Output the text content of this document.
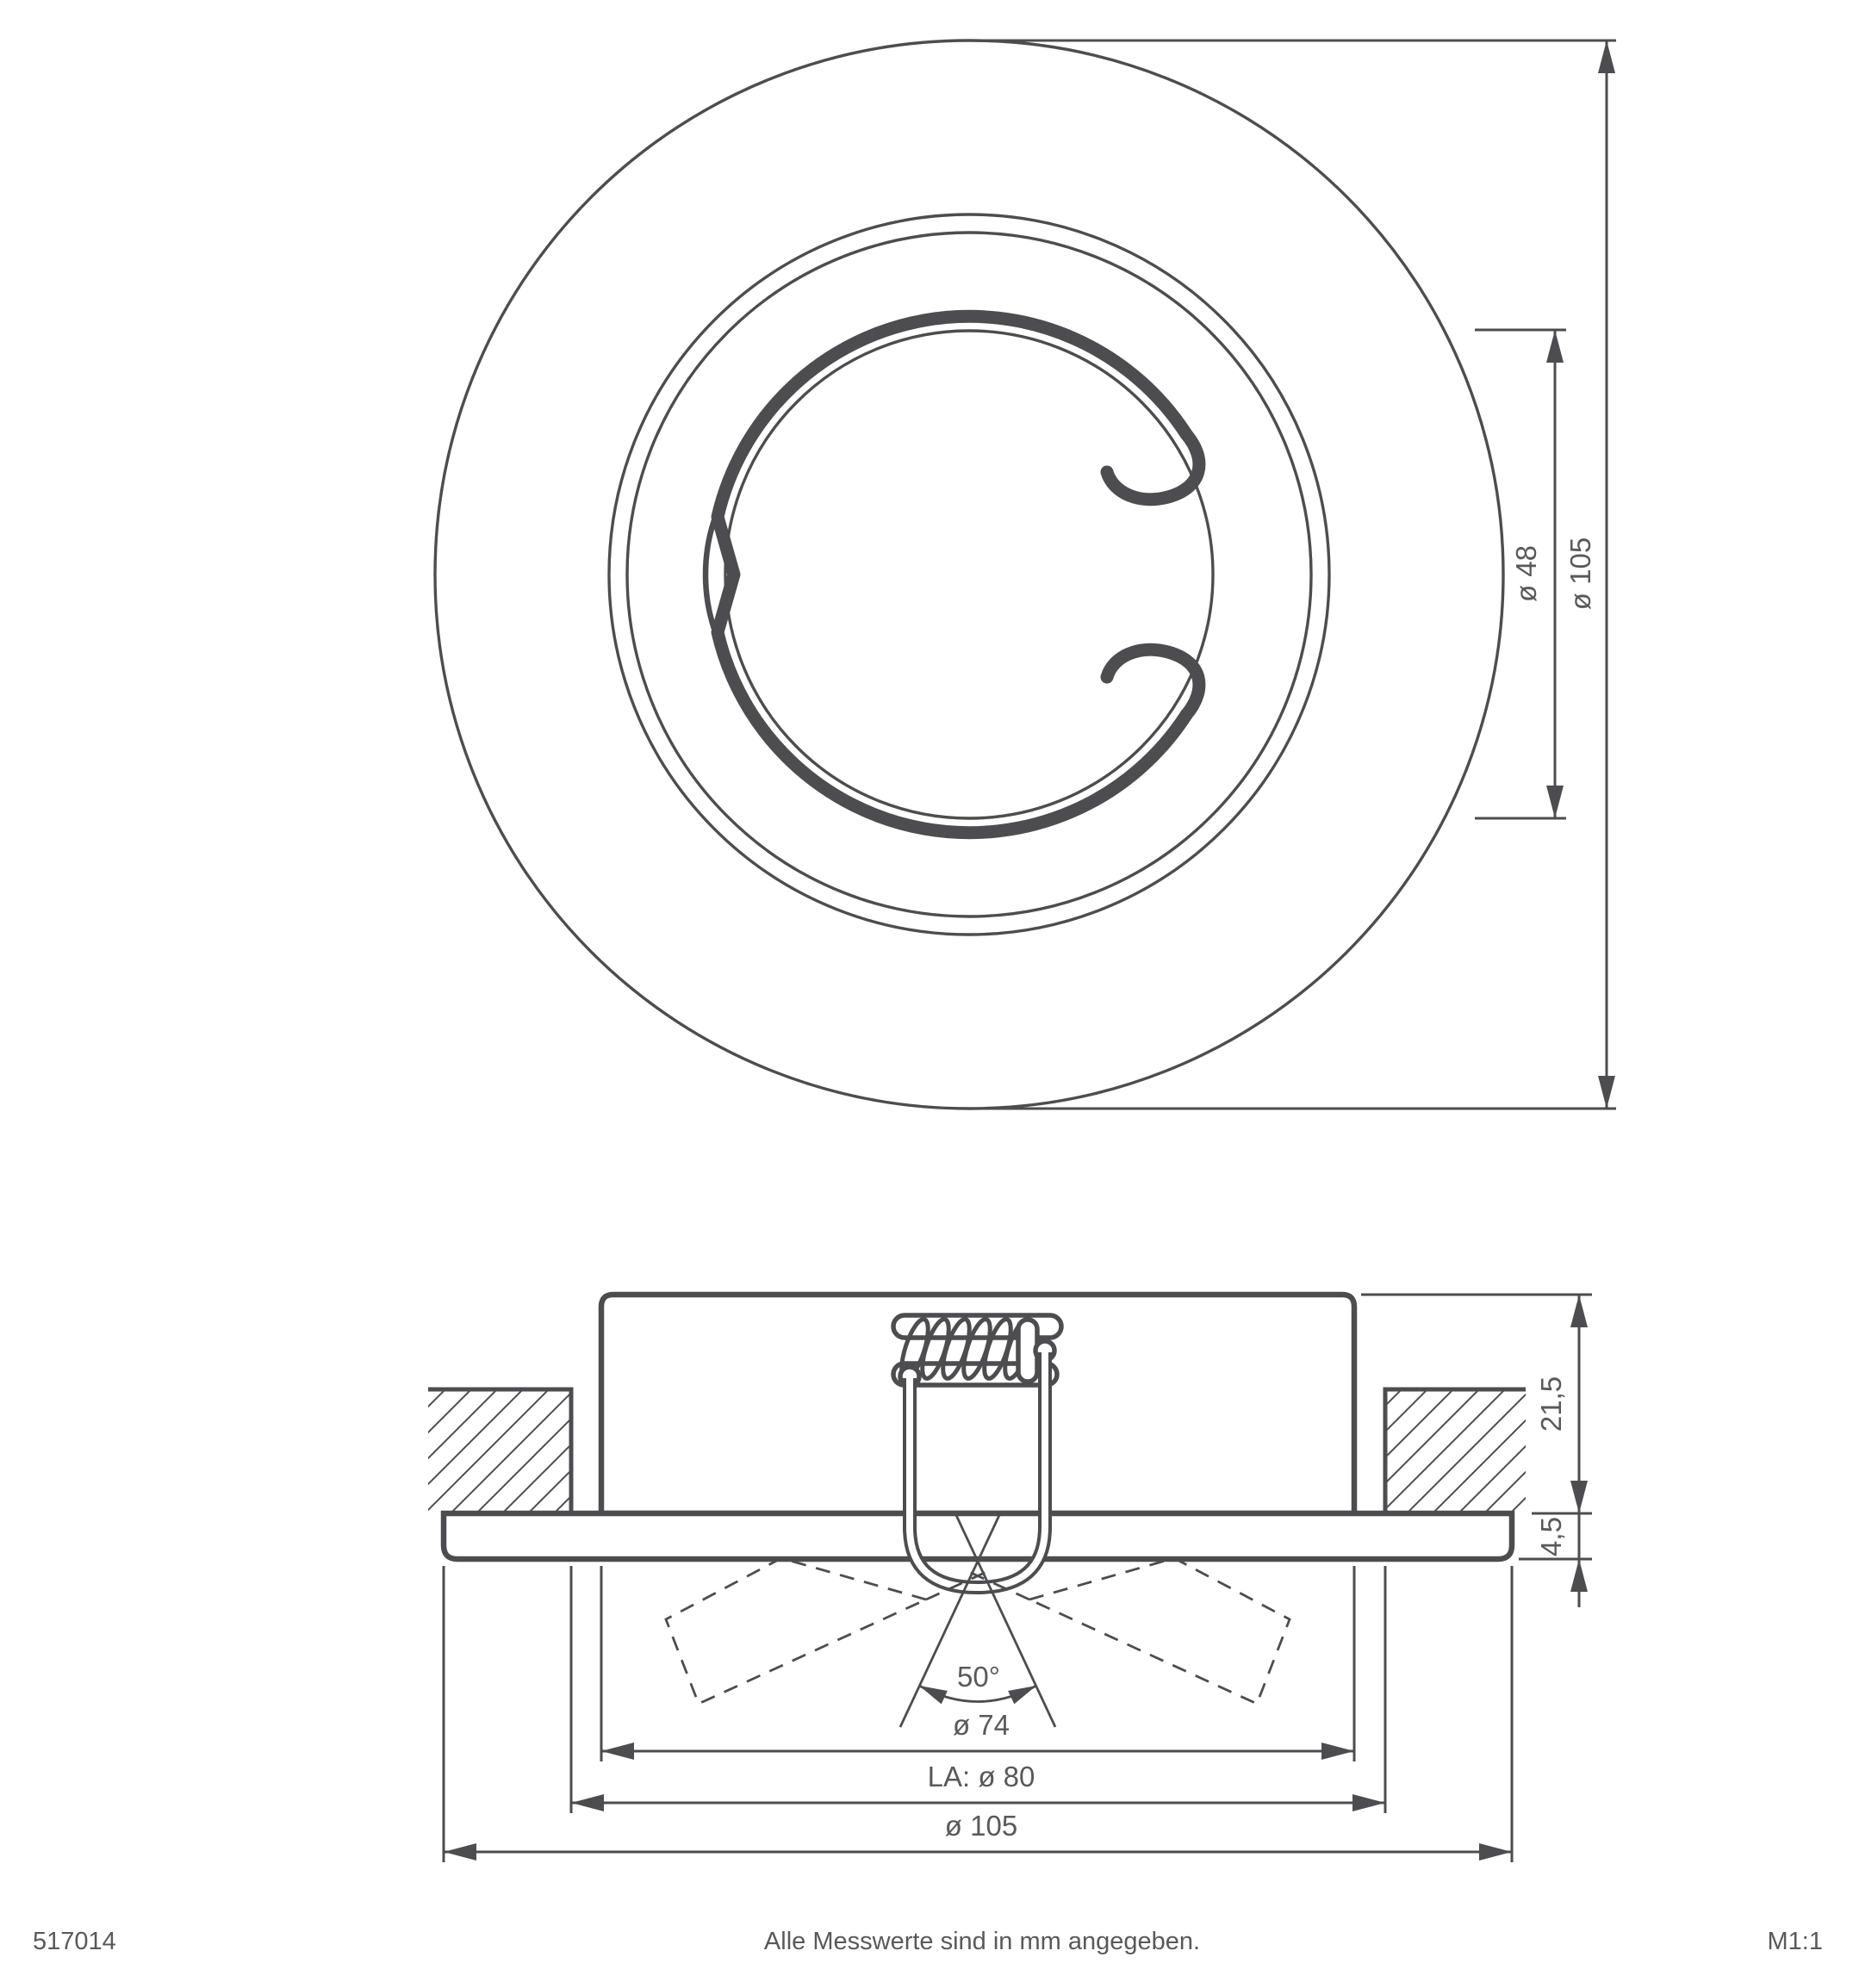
ø 48 ø 105
50°
21,5
4,5
ø 74
LA: ø 80
ø 105
517014	Alle Messwerte sind in mm angegeben.	M1:1
